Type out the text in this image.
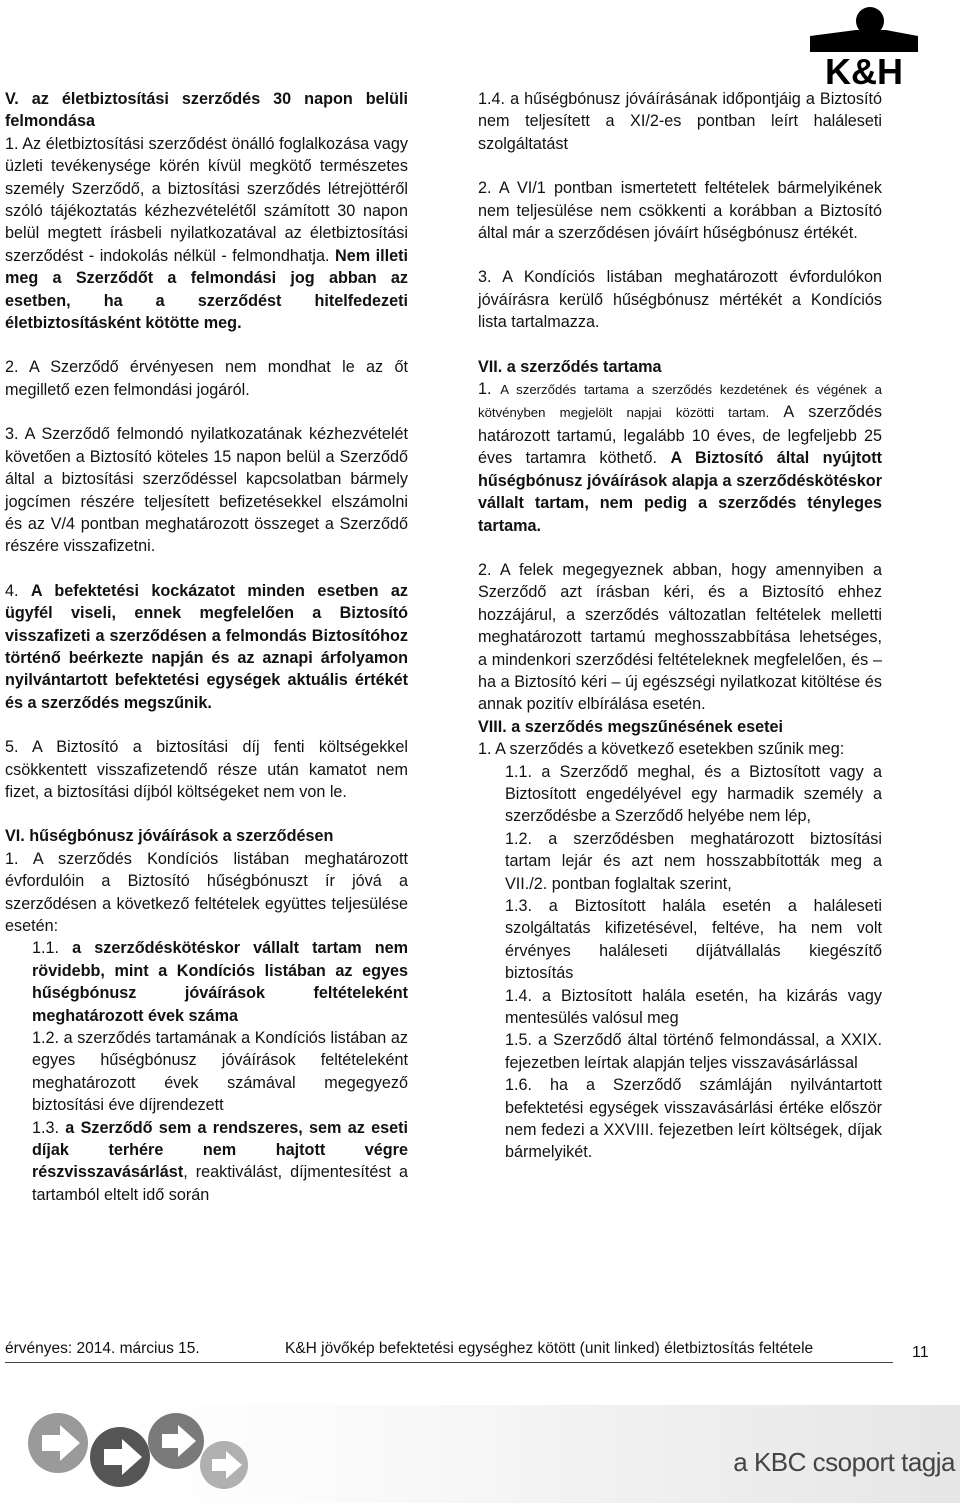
K&H

V. az életbiztosítási szerződés 30 napon belüli felmondása

1. Az életbiztosítási szerződést önálló foglalkozása vagy üzleti tevékenysége körén kívül megkötő természetes személy Szerződő, a biztosítási szerződés létrejöttéről szóló tájékoztatás kézhezvételétől számított 30 napon belül megtett írásbeli nyilatkozatával az életbiztosítási szerződést - indokolás nélkül - felmondhatja. Nem illeti meg a Szerződőt a felmondási jog abban az esetben, ha a szerződést hitelfedezeti életbiztosításként kötötte meg.

2. A Szerződő érvényesen nem mondhat le az őt megillető ezen felmondási jogáról.

3. A Szerződő felmondó nyilatkozatának kézhezvételét követően a Biztosító köteles 15 napon belül a Szerződő által a biztosítási szerződéssel kapcsolatban bármely jogcímen részére teljesített befizetésekkel elszámolni és az V/4 pontban meghatározott összeget a Szerződő részére visszafizetni.

4. A befektetési kockázatot minden esetben az ügyfél viseli, ennek megfelelően a Biztosító visszafizeti a szerződésen a felmondás Biztosítóhoz történő beérkezte napján és az aznapi árfolyamon nyilvántartott befektetési egységek aktuális értékét és a szerződés megszűnik.

5. A Biztosító a biztosítási díj fenti költségekkel csökkentett visszafizetendő része után kamatot nem fizet, a biztosítási díjból költségeket nem von le.

VI. hűségbónusz jóváírások a szerződésen

1. A szerződés Kondíciós listában meghatározott évfordulóin a Biztosító hűségbónuszt ír jóvá a szerződésen a következő feltételek együttes teljesülése esetén:

1.1. a szerződéskötéskor vállalt tartam nem rövidebb, mint a Kondíciós listában az egyes hűségbónusz jóváírások feltételeként meghatározott évek száma

1.2. a szerződés tartamának a Kondíciós listában az egyes hűségbónusz jóváírások feltételeként meghatározott évek számával megegyező biztosítási éve díjrendezett

1.3. a Szerződő sem a rendszeres, sem az eseti díjak terhére nem hajtott végre részvisszavásárlást, reaktiválást, díjmentesítést a tartamból eltelt idő során

1.4. a hűségbónusz jóváírásának időpontjáig a Biztosító nem teljesített a XI/2-es pontban leírt haláleseti szolgáltatást

2. A VI/1 pontban ismertetett feltételek bármelyikének nem teljesülése nem csökkenti a korábban a Biztosító által már a szerződésen jóváírt hűségbónusz értékét.

3. A Kondíciós listában meghatározott évfordulókon jóváírásra kerülő hűségbónusz mértékét a Kondíciós lista tartalmazza.

VII. a szerződés tartama

1. A szerződés tartama a szerződés kezdetének és végének a kötvényben megjelölt napjai közötti tartam. A szerződés határozott tartamú, legalább 10 éves, de legfeljebb 25 éves tartamra köthető. A Biztosító által nyújtott hűségbónusz jóváírások alapja a szerződéskötéskor vállalt tartam, nem pedig a szerződés tényleges tartama.

2. A felek megegyeznek abban, hogy amennyiben a Szerződő azt írásban kéri, és a Biztosító ehhez hozzájárul, a szerződés változatlan feltételek melletti meghatározott tartamú meghosszabbítása lehetséges, a mindenkori szerződési feltételeknek megfelelően, és – ha a Biztosító kéri – új egészségi nyilatkozat kitöltése és annak pozitív elbírálása esetén.

VIII. a szerződés megszűnésének esetei

1. A szerződés a következő esetekben szűnik meg:

1.1. a Szerződő meghal, és a Biztosított vagy a Biztosított engedélyével egy harmadik személy a szerződésbe a Szerződő helyébe nem lép,

1.2. a szerződésben meghatározott biztosítási tartam lejár és azt nem hosszabbították meg a VII./2. pontban foglaltak szerint,

1.3. a Biztosított halála esetén a haláleseti szolgáltatás kifizetésével, feltéve, ha nem volt érvényes haláleseti díjátvállalás kiegészítő biztosítás

1.4. a Biztosított halála esetén, ha kizárás vagy mentesülés valósul meg

1.5. a Szerződő által történő felmondással, a XXIX. fejezetben leírtak alapján teljes visszavásárlással

1.6. ha a Szerződő számláján nyilvántartott befektetési egységek visszavásárlási értéke először nem fedezi a XXVIII. fejezetben leírt költségek, díjak bármelyikét.

érvényes: 2014. március 15.	K&H jövőkép befektetési egységhez kötött (unit linked) életbiztosítás feltétele	11
a KBC csoport tagja
